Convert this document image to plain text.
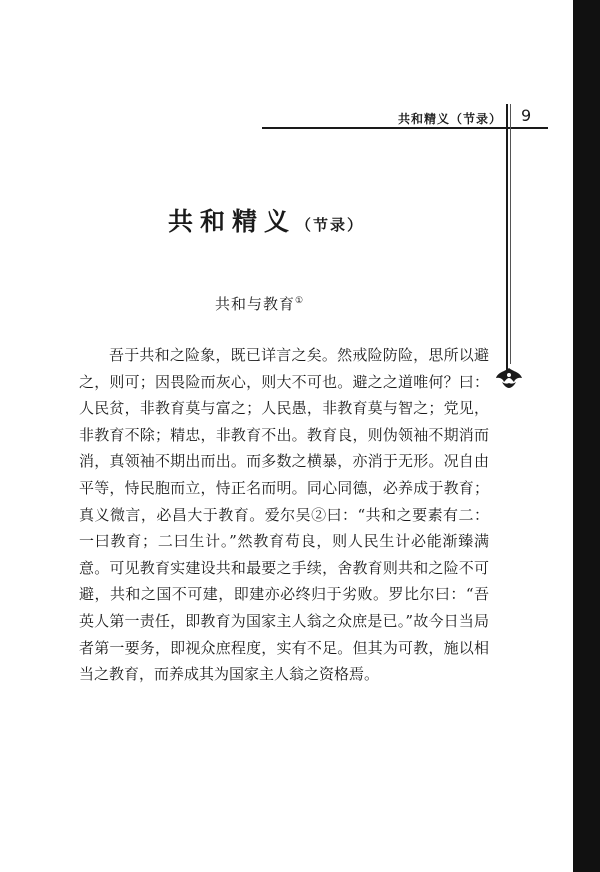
共和精义（节录） 9
共和精义（节录）
共和与教育①

吾于共和之险象，既已详言之矣。然戒险防险，思所以避之，则可；因畏险而灰心，则大不可也。避之之道唯何？曰：人民贫，非教育莫与富之；人民愚，非教育莫与智之；党见，非教育不除；精忠，非教育不出。教育良，则伪领袖不期消而消，真领袖不期出而出。而多数之横暴，亦消于无形。况自由平等，恃民胞而立，恃正名而明。同心同德，必养成于教育；真义微言，必昌大于教育。爱尔吴②曰：“共和之要素有二：一曰教育；二曰生计。”然教育苟良，则人民生计必能渐臻满意。可见教育实建设共和最要之手续，舍教育则共和之险不可避，共和之国不可建，即建亦必终归于劣败。罗比尔曰：“吾英人第一责任，即教育为国家主人翁之众庶是已。”故今日当局者第一要务，即视众庶程度，实有不足。但其为可教，施以相当之教育，而养成其为国家主人翁之资格焉。
